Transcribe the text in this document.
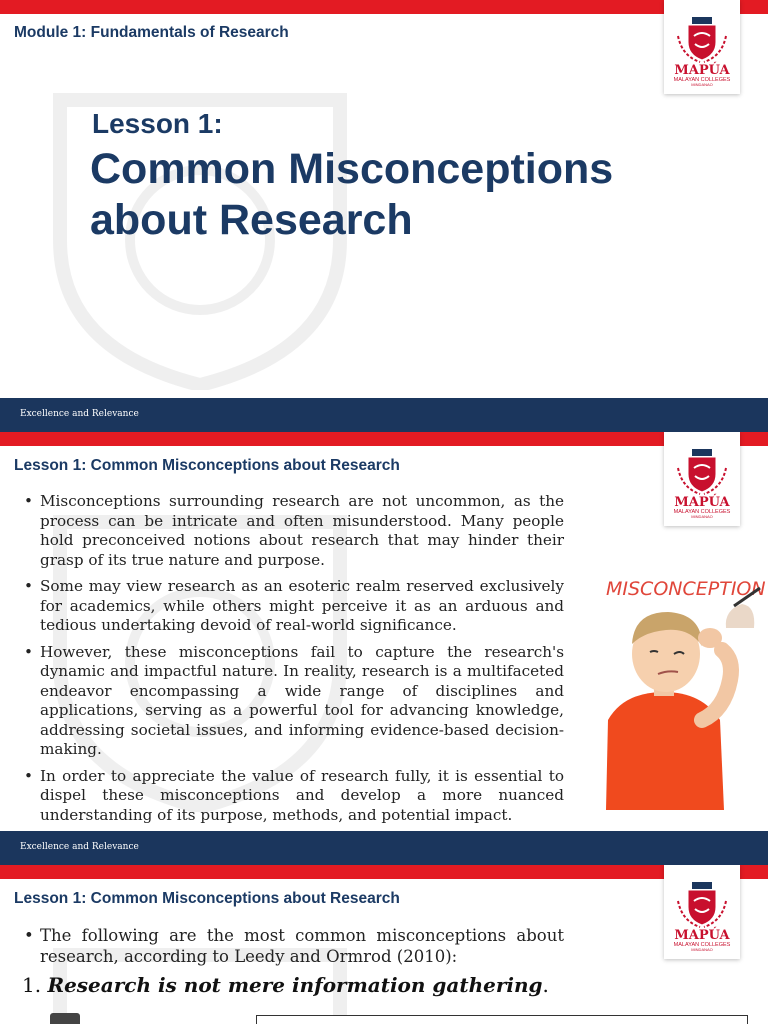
Module 1: Fundamentals of Research
MAPÚA
MALAYAN COLLEGES
MINDANAO
Lesson 1:
Common Misconceptions
about Research
Excellence and Relevance
Lesson 1: Common Misconceptions about Research
MAPÚA
MALAYAN COLLEGES
MINDANAO
• Misconceptions surrounding research are not uncommon, as the process can be intricate and often misunderstood. Many people hold preconceived notions about research that may hinder their grasp of its true nature and purpose.
• Some may view research as an esoteric realm reserved exclusively for academics, while others might perceive it as an arduous and tedious undertaking devoid of real-world significance.
• However, these misconceptions fail to capture the research's dynamic and impactful nature. In reality, research is a multifaceted endeavor encompassing a wide range of disciplines and applications, serving as a powerful tool for advancing knowledge, addressing societal issues, and informing evidence-based decision-making.
• In order to appreciate the value of research fully, it is essential to dispel these misconceptions and develop a more nuanced understanding of its purpose, methods, and potential impact.
MISCONCEPTION
Excellence and Relevance
Lesson 1: Common Misconceptions about Research
MAPÚA
MALAYAN COLLEGES
MINDANAO
• The following are the most common misconceptions about research, according to Leedy and Ormrod (2010):
1. Research is not mere information gathering.
